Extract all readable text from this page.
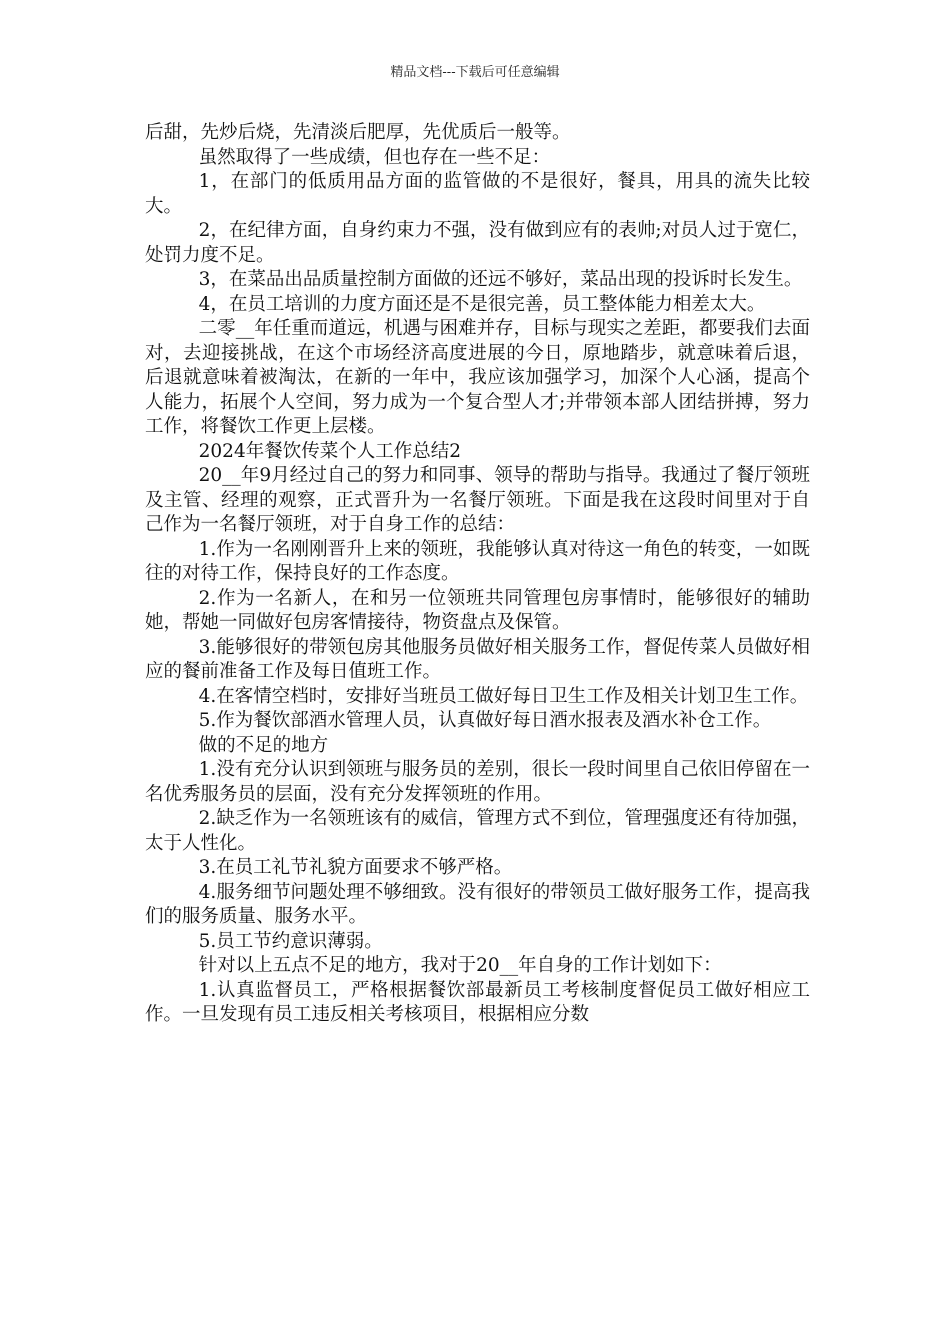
精品文档---下载后可任意编辑

后甜，先炒后烧，先清淡后肥厚，先优质后一般等。

虽然取得了一些成绩，但也存在一些不足：

1，在部门的低质用品方面的监管做的不是很好，餐具，用具的流失比较大。

2，在纪律方面，自身约束力不强，没有做到应有的表帅;对员人过于宽仁，处罚力度不足。

3，在菜品出品质量控制方面做的还远不够好，菜品出现的投诉时长发生。

4，在员工培训的力度方面还是不是很完善，员工整体能力相差太大。

二零__年任重而道远，机遇与困难并存，目标与现实之差距，都要我们去面对，去迎接挑战，在这个市场经济高度进展的今日，原地踏步，就意味着后退，后退就意味着被淘汰，在新的一年中，我应该加强学习，加深个人心涵，提高个人能力，拓展个人空间，努力成为一个复合型人才;并带领本部人团结拼搏，努力工作，将餐饮工作更上层楼。

2024年餐饮传菜个人工作总结2

20__年9月经过自己的努力和同事、领导的帮助与指导。我通过了餐厅领班及主管、经理的观察，正式晋升为一名餐厅领班。下面是我在这段时间里对于自己作为一名餐厅领班，对于自身工作的总结：

1.作为一名刚刚晋升上来的领班，我能够认真对待这一角色的转变，一如既往的对待工作，保持良好的工作态度。

2.作为一名新人，在和另一位领班共同管理包房事情时，能够很好的辅助她，帮她一同做好包房客情接待，物资盘点及保管。

3.能够很好的带领包房其他服务员做好相关服务工作，督促传菜人员做好相应的餐前准备工作及每日值班工作。

4.在客情空档时，安排好当班员工做好每日卫生工作及相关计划卫生工作。

5.作为餐饮部酒水管理人员，认真做好每日酒水报表及酒水补仓工作。

做的不足的地方

1.没有充分认识到领班与服务员的差别，很长一段时间里自己依旧停留在一名优秀服务员的层面，没有充分发挥领班的作用。

2.缺乏作为一名领班该有的威信，管理方式不到位，管理强度还有待加强，太于人性化。

3.在员工礼节礼貌方面要求不够严格。

4.服务细节问题处理不够细致。没有很好的带领员工做好服务工作，提高我们的服务质量、服务水平。

5.员工节约意识薄弱。

针对以上五点不足的地方，我对于20__年自身的工作计划如下：

1.认真监督员工，严格根据餐饮部最新员工考核制度督促员工做好相应工作。一旦发现有员工违反相关考核项目，根据相应分数
